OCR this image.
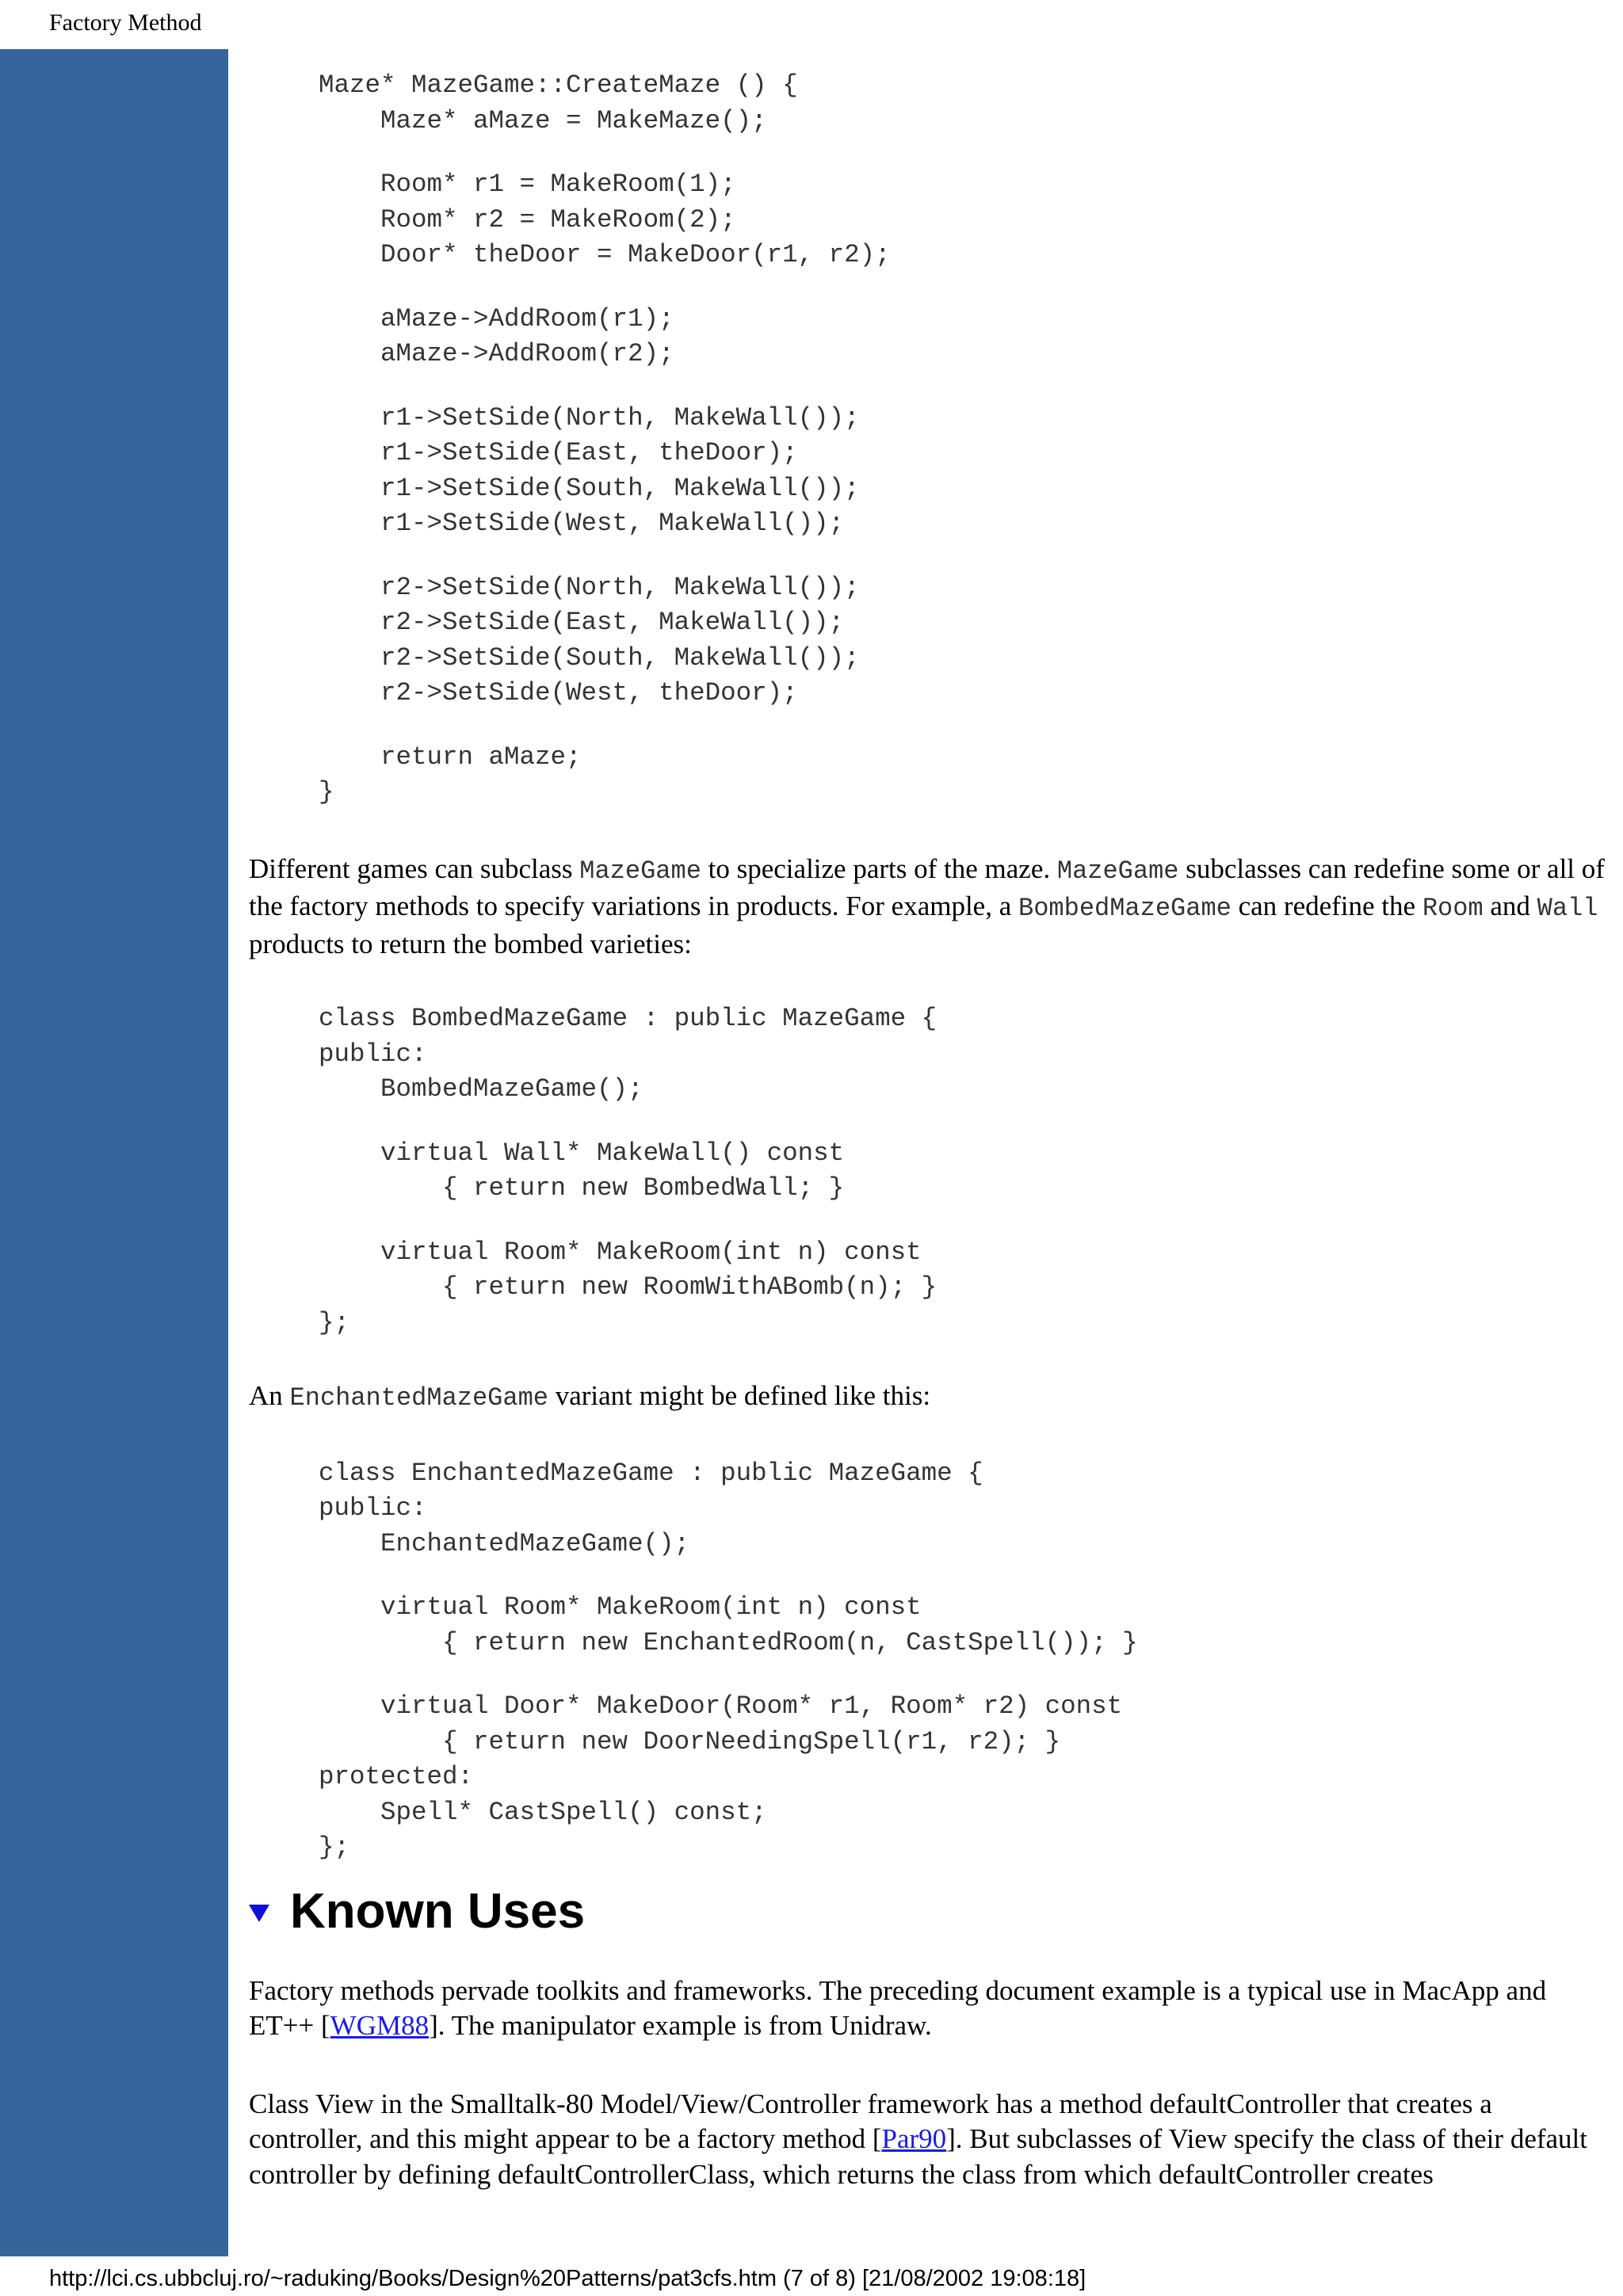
Factory Method
Maze* MazeGame::CreateMaze () {
Maze* aMaze = MakeMaze();
Room* r1 = MakeRoom(1);
Room* r2 = MakeRoom(2);
Door* theDoor = MakeDoor(r1, r2);
aMaze->AddRoom(r1);
aMaze->AddRoom(r2);
r1->SetSide(North, MakeWall());
r1->SetSide(East, theDoor);
r1->SetSide(South, MakeWall());
r1->SetSide(West, MakeWall());
r2->SetSide(North, MakeWall());
r2->SetSide(East, MakeWall());
r2->SetSide(South, MakeWall());
r2->SetSide(West, theDoor);
return aMaze;
}

Different games can subclass MazeGame to specialize parts of the maze. MazeGame subclasses can redefine some or all of the factory methods to specify variations in products. For example, a BombedMazeGame can redefine the Room and Wall products to return the bombed varieties:

class BombedMazeGame : public MazeGame {
public:
BombedMazeGame();
virtual Wall* MakeWall() const
{ return new BombedWall; }
virtual Room* MakeRoom(int n) const
{ return new RoomWithABomb(n); }
};

An EnchantedMazeGame variant might be defined like this:

class EnchantedMazeGame : public MazeGame {
public:
EnchantedMazeGame();
virtual Room* MakeRoom(int n) const
{ return new EnchantedRoom(n, CastSpell()); }
virtual Door* MakeDoor(Room* r1, Room* r2) const
{ return new DoorNeedingSpell(r1, r2); }
protected:
Spell* CastSpell() const;
};
Known Uses

Factory methods pervade toolkits and frameworks. The preceding document example is a typical use in MacApp and ET++ [WGM88]. The manipulator example is from Unidraw.

Class View in the Smalltalk-80 Model/View/Controller framework has a method defaultController that creates a controller, and this might appear to be a factory method [Par90]. But subclasses of View specify the class of their default controller by defining defaultControllerClass, which returns the class from which defaultController creates

http://lci.cs.ubbcluj.ro/~raduking/Books/Design%20Patterns/pat3cfs.htm (7 of 8) [21/08/2002 19:08:18]
